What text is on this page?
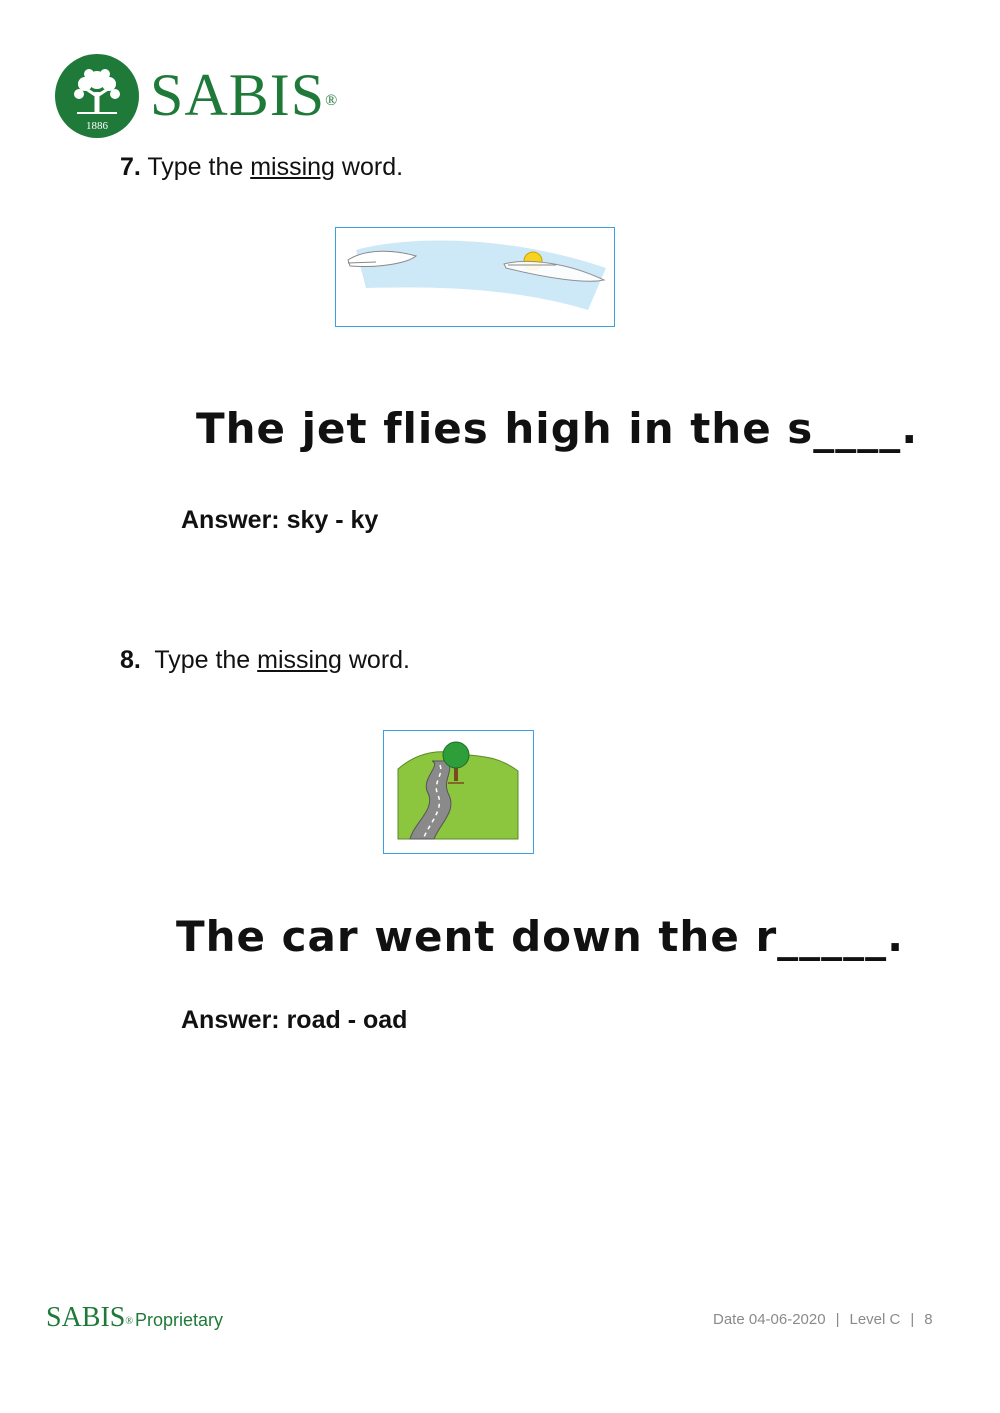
1886 SABIS®
7. Type the missing word.
The jet flies high in the s____.
Answer: sky - ky
8. Type the missing word.
The car went down the r_____.
Answer: road - oad
SABIS® Proprietary	Date 04-06-2020 | Level C | 8
